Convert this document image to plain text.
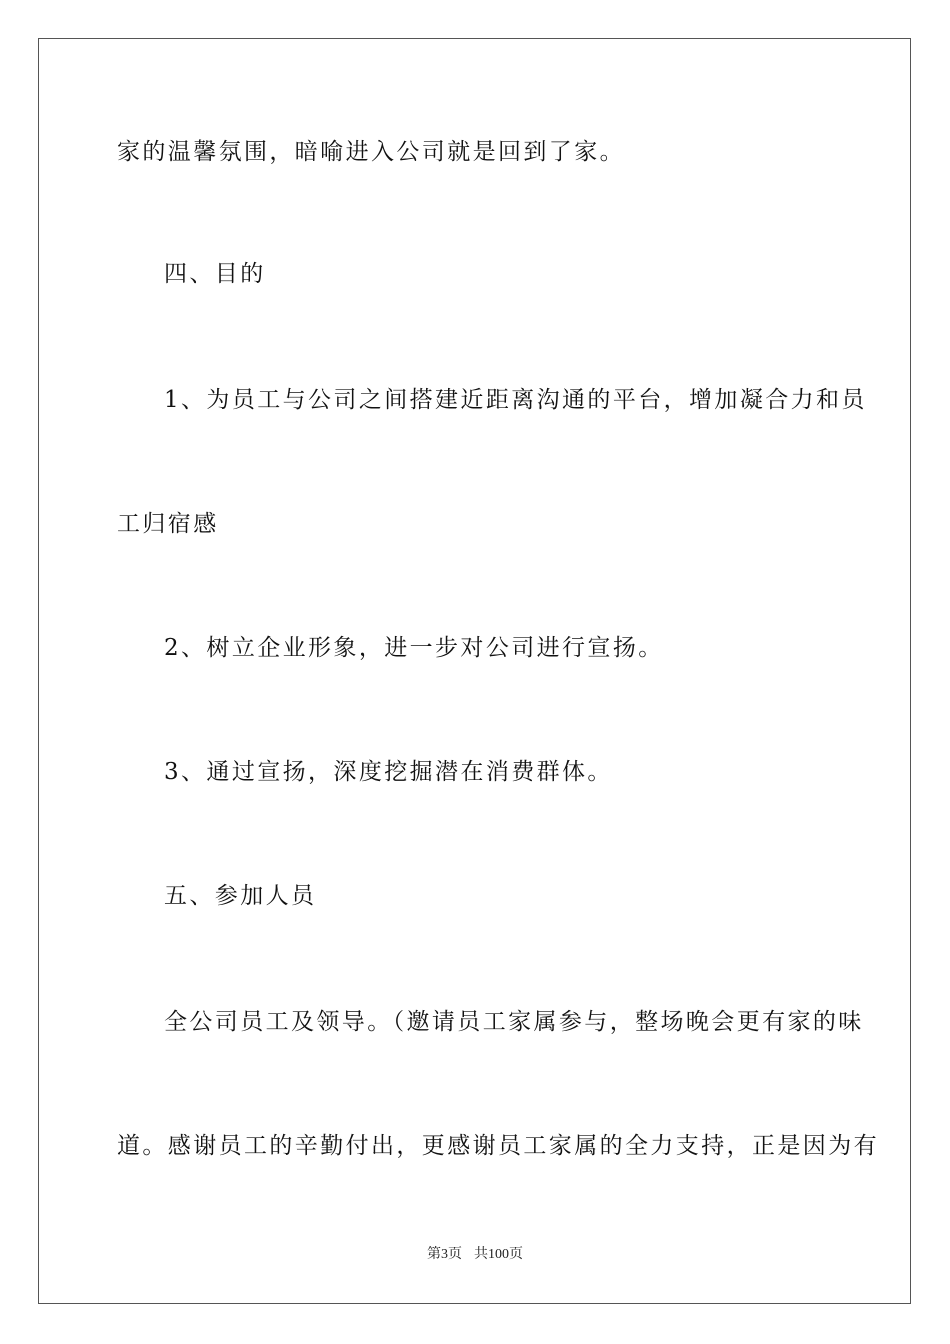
家的温馨氛围，暗喻进入公司就是回到了家。
四、目的
1、为员工与公司之间搭建近距离沟通的平台，增加凝合力和员
工归宿感
2、树立企业形象，进一步对公司进行宣扬。
3、通过宣扬，深度挖掘潜在消费群体。
五、参加人员
全公司员工及领导。（邀请员工家属参与，整场晚会更有家的味
道。感谢员工的辛勤付出，更感谢员工家属的全力支持，正是因为有
第3页 共100页
